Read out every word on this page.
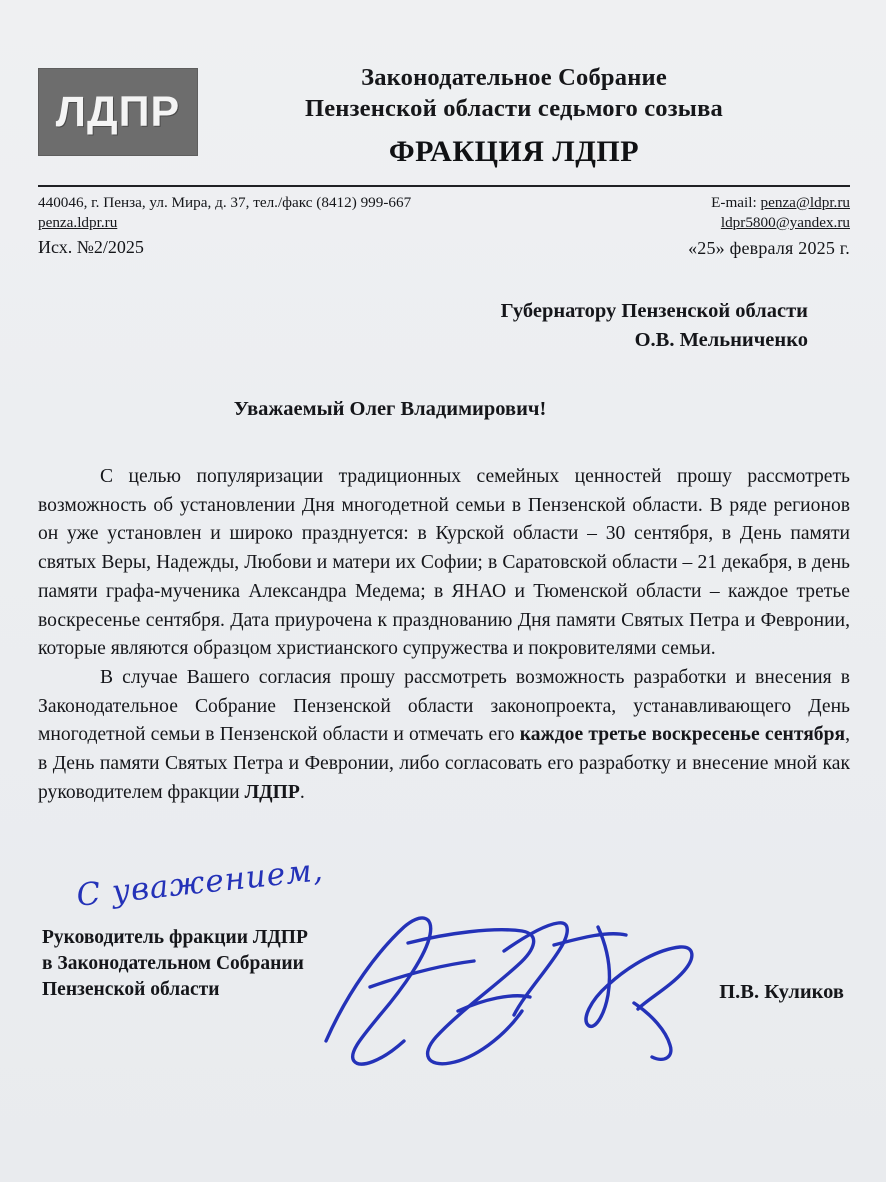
ЛДПР
Законодательное Собрание
Пензенской области седьмого созыва
ФРАКЦИЯ ЛДПР
440046, г. Пенза, ул. Мира, д. 37, тел./факс (8412) 999-667
penza.ldpr.ru
Исх. №2/2025
E-mail: penza@ldpr.ru
ldpr5800@yandex.ru
«25» февраля 2025 г.
Губернатору Пензенской области
О.В. Мельниченко
Уважаемый Олег Владимирович!

С целью популяризации традиционных семейных ценностей прошу рассмотреть возможность об установлении Дня многодетной семьи в Пензенской области. В ряде регионов он уже установлен и широко празднуется: в Курской области – 30 сентября, в День памяти святых Веры, Надежды, Любови и матери их Софии; в Саратовской области – 21 декабря, в день памяти графа-мученика Александра Медема; в ЯНАО и Тюменской области – каждое третье воскресенье сентября. Дата приурочена к празднованию Дня памяти Святых Петра и Февронии, которые являются образцом христианского супружества и покровителями семьи.

В случае Вашего согласия прошу рассмотреть возможность разработки и внесения в Законодательное Собрание Пензенской области законопроекта, устанавливающего День многодетной семьи в Пензенской области и отмечать его каждое третье воскресенье сентября, в День памяти Святых Петра и Февронии, либо согласовать его разработку и внесение мной как руководителем фракции ЛДПР.

С уважением,
Руководитель фракции ЛДПР
в Законодательном Собрании
Пензенской области	П.В. Куликов
